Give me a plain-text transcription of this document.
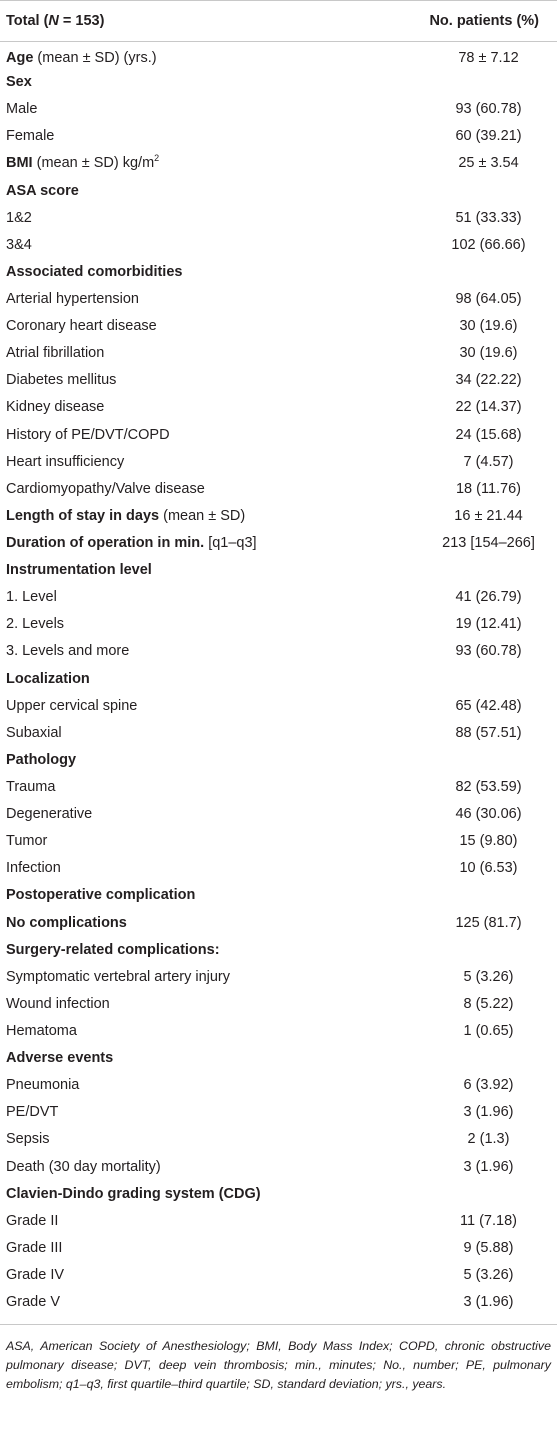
Total (N = 153)	No. patients (%)
Age (mean ± SD) (yrs.)	78 ± 7.12
Sex	
Male	93 (60.78)
Female	60 (39.21)
BMI (mean ± SD) $kg/m^2$	25 ± 3.54
ASA score	
1&2	51 (33.33)
3&4	102 (66.66)
Associated comorbidities	
Arterial hypertension	98 (64.05)
Coronary heart disease	30 (19.6)
Atrial fibrillation	30 (19.6)
Diabetes mellitus	34 (22.22)
Kidney disease	22 (14.37)
History of PE/DVT/COPD	24 (15.68)
Heart insufficiency	7 (4.57)
Cardiomyopathy/Valve disease	18 (11.76)
Length of stay in days (mean ± SD)	16 ± 21.44
Duration of operation in min. [q1–q3]	213 [154–266]
Instrumentation level	
1. Level	41 (26.79)
2. Levels	19 (12.41)
3. Levels and more	93 (60.78)
Localization	
Upper cervical spine	65 (42.48)
Subaxial	88 (57.51)
Pathology	
Trauma	82 (53.59)
Degenerative	46 (30.06)
Tumor	15 (9.80)
Infection	10 (6.53)
Postoperative complication	
No complications	125 (81.7)
Surgery-related complications:	
Symptomatic vertebral artery injury	5 (3.26)
Wound infection	8 (5.22)
Hematoma	1 (0.65)
Adverse events	
Pneumonia	6 (3.92)
PE/DVT	3 (1.96)
Sepsis	2 (1.3)
Death (30 day mortality)	3 (1.96)
Clavien-Dindo grading system (CDG)	
Grade II	11 (7.18)
Grade III	9 (5.88)
Grade IV	5 (3.26)
Grade V	3 (1.96)
ASA, American Society of Anesthesiology; BMI, Body Mass Index; COPD, chronic obstructive pulmonary disease; DVT, deep vein thrombosis; min., minutes; No., number; PE, pulmonary embolism; q1–q3, first quartile–third quartile; SD, standard deviation; yrs., years.
